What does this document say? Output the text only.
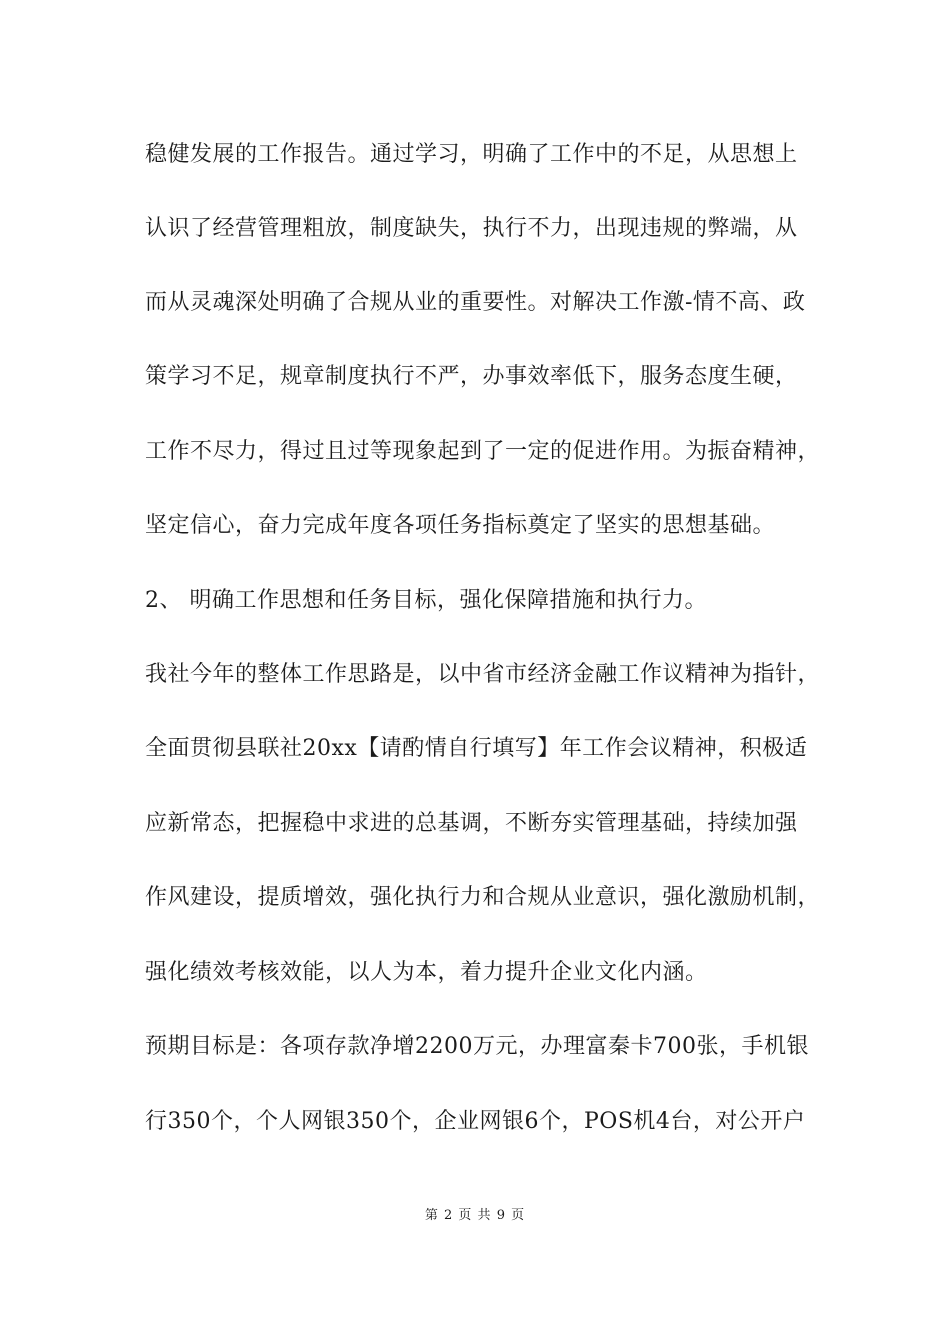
稳健发展的工作报告。通过学习，明确了工作中的不足，从思想上
认识了经营管理粗放，制度缺失，执行不力，出现违规的弊端，从
而从灵魂深处明确了合规从业的重要性。对解决工作激-情不高、政
策学习不足，规章制度执行不严，办事效率低下，服务态度生硬，
工作不尽力，得过且过等现象起到了一定的促进作用。为振奋精神，
坚定信心，奋力完成年度各项任务指标奠定了坚实的思想基础。
2、 明确工作思想和任务目标，强化保障措施和执行力。
我社今年的整体工作思路是，以中省市经济金融工作议精神为指针，
全面贯彻县联社20xx【请酌情自行填写】年工作会议精神，积极适
应新常态，把握稳中求进的总基调，不断夯实管理基础，持续加强
作风建设，提质增效，强化执行力和合规从业意识，强化激励机制，
强化绩效考核效能，以人为本，着力提升企业文化内涵。
预期目标是：各项存款净增2200万元，办理富秦卡700张，手机银
行350个，个人网银350个，企业网银6个，POS机4台，对公开户
第 2 页 共 9 页
